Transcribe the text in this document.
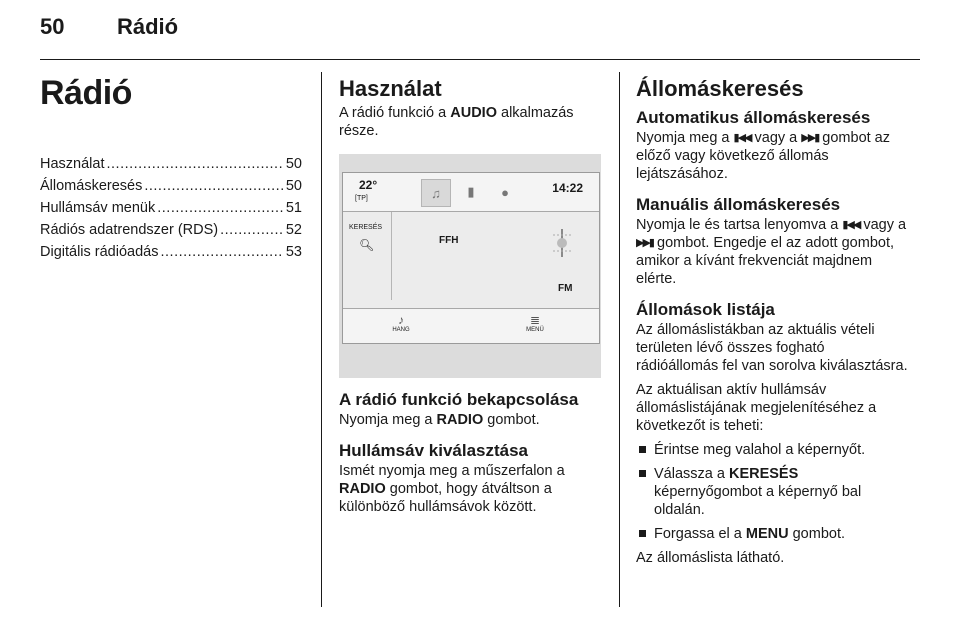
50 Rádió
Rádió
Használat .....	50
Állomáskeresés .....	50
Hullámsáv menük .....	51
Rádiós adatrendszer (RDS) .....	52
Digitális rádióadás .....	53
Használat

A rádió funkció a AUDIO alkalmazás része.

22°
[TP]	♫	▮	●	14:22
KERESÉS
🔍︎	FFH
FM
♪
HANG
≣
MENÜ
A rádió funkció bekapcsolása

Nyomja meg a RADIO gombot.

Hullámsáv kiválasztása

Ismét nyomja meg a műszerfalon a RADIO gombot, hogy átváltson a különböző hullámsávok között.

Állomáskeresés
Automatikus állomáskeresés

Nyomja meg a ▮◀◀ vagy a ▶▶▮ gombot az előző vagy következő állomás lejátszásához.

Manuális állomáskeresés

Nyomja le és tartsa lenyomva a ▮◀◀ vagy a ▶▶▮ gombot. Engedje el az adott gombot, amikor a kívánt frekvenciát majdnem elérte.

Állomások listája

Az állomáslistákban az aktuális vételi területen lévő összes fogható rádióállomás fel van sorolva kiválasztásra.

Az aktuálisan aktív hullámsáv állomáslistájának megjelenítéséhez a következőt is teheti:

Érintse meg valahol a képernyőt.
Válassza a KERESÉS képernyőgombot a képernyő bal oldalán.
Forgassa el a MENU gombot.

Az állomáslista látható.
